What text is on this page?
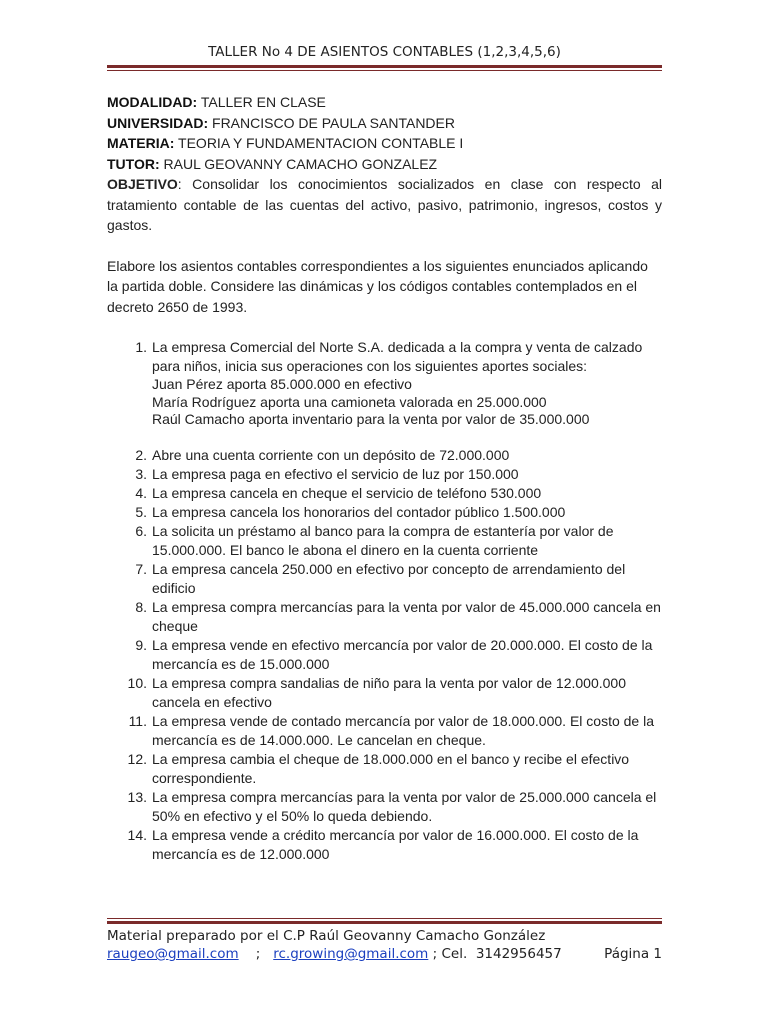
TALLER No 4 DE ASIENTOS CONTABLES (1,2,3,4,5,6)

MODALIDAD: TALLER EN CLASE

UNIVERSIDAD: FRANCISCO DE PAULA SANTANDER

MATERIA: TEORIA Y FUNDAMENTACION CONTABLE I

TUTOR: RAUL GEOVANNY CAMACHO GONZALEZ

OBJETIVO: Consolidar los conocimientos socializados en clase con respecto al tratamiento contable de las cuentas del activo, pasivo, patrimonio, ingresos, costos y gastos.

Elabore los asientos contables correspondientes a los siguientes enunciados aplicando la partida doble. Considere las dinámicas y los códigos contables contemplados en el decreto 2650 de 1993.

1. La empresa Comercial del Norte S.A. dedicada a la compra y venta de calzado para niños, inicia sus operaciones con los siguientes aportes sociales:
Juan Pérez aporta 85.000.000 en efectivo
María Rodríguez aporta una camioneta valorada en 25.000.000
Raúl Camacho aporta inventario para la venta por valor de 35.000.000
2. Abre una cuenta corriente con un depósito de 72.000.000
3. La empresa paga en efectivo el servicio de luz por 150.000
4. La empresa cancela en cheque el servicio de teléfono 530.000
5. La empresa cancela los honorarios del contador público 1.500.000
6. La solicita un préstamo al banco para la compra de estantería por valor de 15.000.000. El banco le abona el dinero en la cuenta corriente
7. La empresa cancela 250.000 en efectivo por concepto de arrendamiento del edificio
8. La empresa compra mercancías para la venta por valor de 45.000.000 cancela en cheque
9. La empresa vende en efectivo mercancía por valor de 20.000.000. El costo de la mercancía es de 15.000.000
10. La empresa compra sandalias de niño para la venta por valor de 12.000.000 cancela en efectivo
11. La empresa vende de contado mercancía por valor de 18.000.000. El costo de la mercancía es de 14.000.000. Le cancelan en cheque.
12. La empresa cambia el cheque de 18.000.000 en el banco y recibe el efectivo correspondiente.
13. La empresa compra mercancías para la venta por valor de 25.000.000 cancela el 50% en efectivo y el 50% lo queda debiendo.
14. La empresa vende a crédito mercancía por valor de 16.000.000. El costo de la mercancía es de 12.000.000
Material preparado por el C.P Raúl Geovanny Camacho González
raugeo@gmail.com    ;   rc.growing@gmail.com ; Cel.  3142956457	Página 1
